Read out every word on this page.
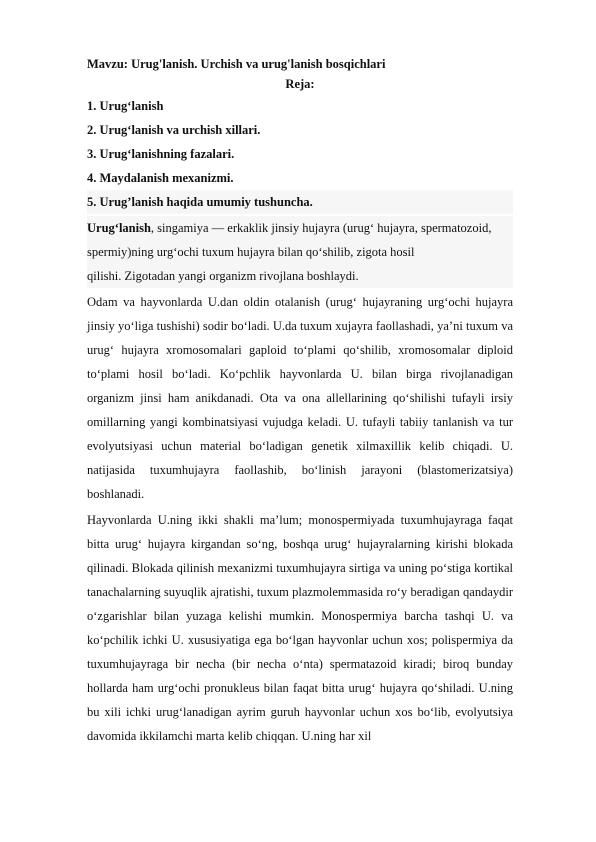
Mavzu: Urug'lanish. Urchish va urug'lanish bosqichlari

Reja:

1. Urug‘lanish
2. Urug‘lanish va urchish xillari.
3. Urug‘lanishning fazalari.
4. Maydalanish mexanizmi.
5. Urug’lanish haqida umumiy tushuncha.
Urug‘lanish, singamiya — erkaklik jinsiy hujayra (urug‘ hujayra, spermatozoid,
spermiy)ning urg‘ochi tuxum hujayra bilan qo‘shilib, zigota hosil
qilishi. Zigotadan yangi organizm rivojlana boshlaydi.

Odam va hayvonlarda U.dan oldin otalanish (urug‘ hujayraning urg‘ochi hujayra jinsiy yo‘liga tushishi) sodir bo‘ladi. U.da tuxum xujayra faollashadi, ya’ni tuxum va urug‘ hujayra xromosomalari gaploid to‘plami qo‘shilib, xromosomalar diploid to‘plami hosil bo‘ladi. Ko‘pchlik hayvonlarda U. bilan birga rivojlanadigan organizm jinsi ham anikdanadi. Ota va ona allellarining qo‘shilishi tufayli irsiy omillarning yangi kombinatsiyasi vujudga keladi. U. tufayli tabiiy tanlanish va tur evolyutsiyasi uchun material bo‘ladigan genetik xilmaxillik kelib chiqadi. U. natijasida tuxumhujayra faollashib, bo‘linish jarayoni (blastomerizatsiya) boshlanadi.

Hayvonlarda U.ning ikki shakli ma’lum; monospermiyada tuxumhujayraga faqat bitta urug‘ hujayra kirgandan so‘ng, boshqa urug‘ hujayralarning kirishi blokada qilinadi. Blokada qilinish mexanizmi tuxumhujayra sirtiga va uning po‘stiga kortikal tanachalarning suyuqlik ajratishi, tuxum plazmolemmasida ro‘y beradigan qandaydir o‘zgarishlar bilan yuzaga kelishi mumkin. Monospermiya barcha tashqi U. va ko‘pchilik ichki U. xususiyatiga ega bo‘lgan hayvonlar uchun xos; polispermiya da tuxumhujayraga bir necha (bir necha o‘nta) spermatazoid kiradi; biroq bunday hollarda ham urg‘ochi pronukleus bilan faqat bitta urug‘ hujayra qo‘shiladi. U.ning bu xili ichki urug‘lanadigan ayrim guruh hayvonlar uchun xos bo‘lib, evolyutsiya davomida ikkilamchi marta kelib chiqqan. U.ning har xil
